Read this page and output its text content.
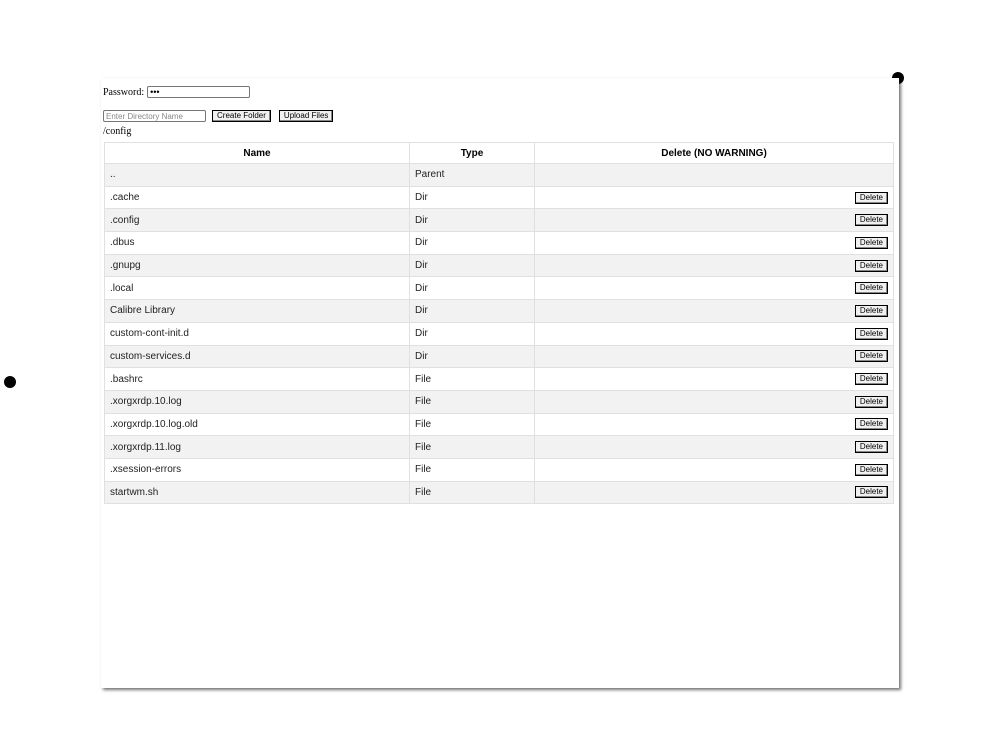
Password:
Enter Directory Name
Create Folder	Upload Files
/config
Name	Type	Delete (NO WARNING)
..	Parent	
.cache	Dir	Delete
.config	Dir	Delete
.dbus	Dir	Delete
.gnupg	Dir	Delete
.local	Dir	Delete
Calibre Library	Dir	Delete
custom-cont-init.d	Dir	Delete
custom-services.d	Dir	Delete
.bashrc	File	Delete
.xorgxrdp.10.log	File	Delete
.xorgxrdp.10.log.old	File	Delete
.xorgxrdp.11.log	File	Delete
.xsession-errors	File	Delete
startwm.sh	File	Delete
